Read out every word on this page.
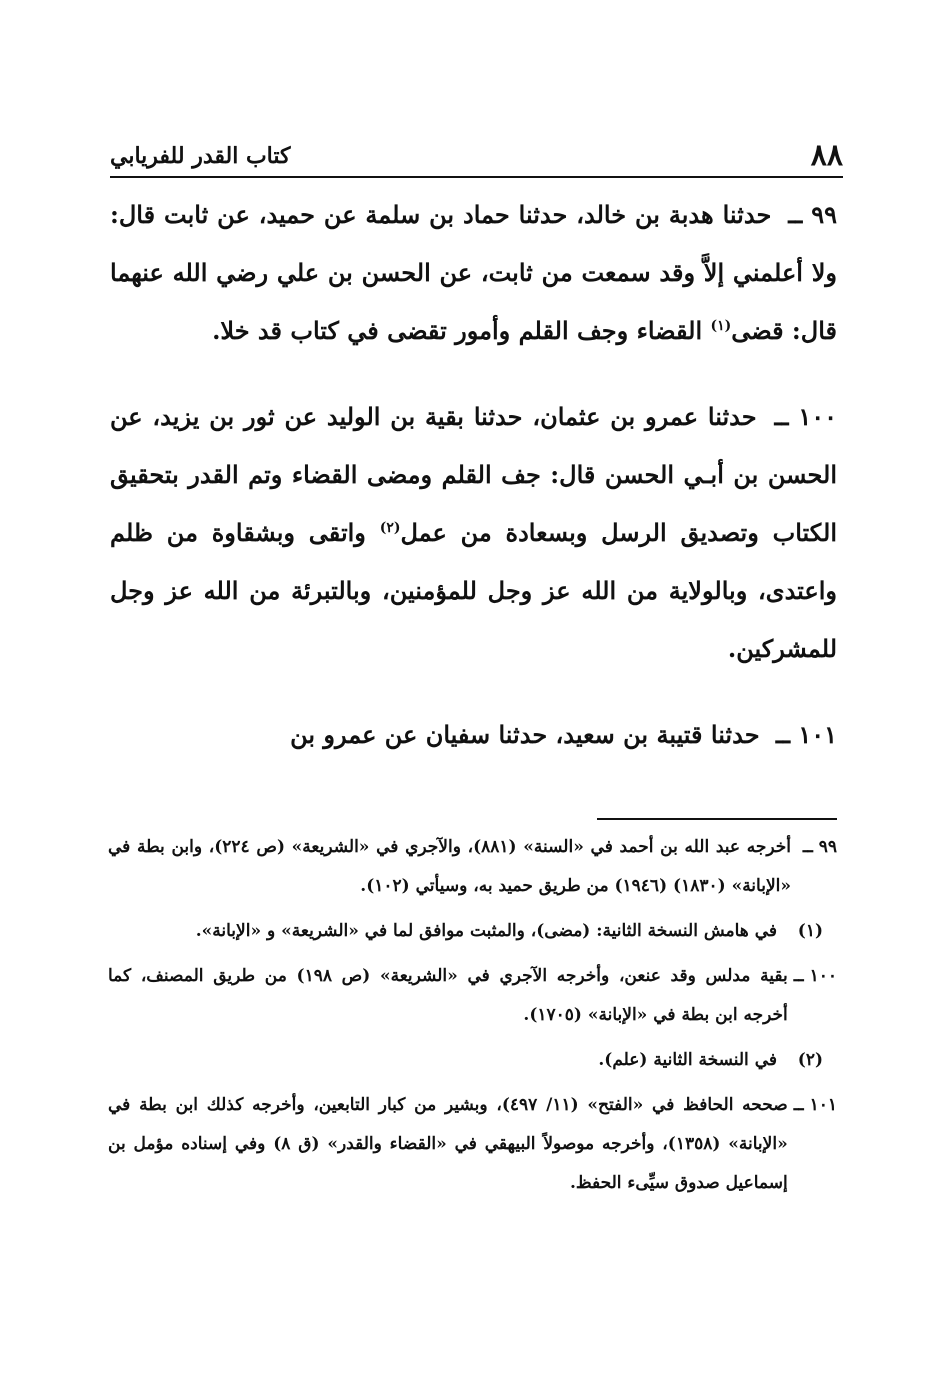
٨٨
كتاب القدر للفريابي

٩٩ ــ حدثنا هدبة بن خالد، حدثنا حماد بن سلمة عن حميد، عن ثابت قال: ولا أعلمني إلاَّ وقد سمعت من ثابت، عن الحسن بن علي رضي الله عنهما قال: قضى$^{(١)}$ القضاء وجف القلم وأمور تقضى في كتاب قد خلا.

١٠٠ ــ حدثنا عمرو بن عثمان، حدثنا بقية بن الوليد عن ثور بن يزيد، عن الحسن بن أبـي الحسن قال: جف القلم ومضى القضاء وتم القدر بتحقيق الكتاب وتصديق الرسل وبسعادة من عمل$^{(٢)}$ واتقى وبشقاوة من ظلم واعتدى، وبالولاية من الله عز وجل للمؤمنين، وبالتبرئة من الله عز وجل للمشركين.

١٠١ ــ حدثنا قتيبة بن سعيد، حدثنا سفيان عن عمرو بن

٩٩ ــ
أخرجه عبد الله بن أحمد في «السنة» (٨٨١)، والآجري في «الشريعة» (ص ٢٢٤)، وابن بطة في «الإبانة» (١٨٣٠) (١٩٤٦) من طريق حميد به، وسيأتي (١٠٢).
(١)
في هامش النسخة الثانية: (مضى)، والمثبت موافق لما في «الشريعة» و «الإبانة».
١٠٠ ــ
بقية مدلس وقد عنعن، وأخرجه الآجري في «الشريعة» (ص ١٩٨) من طريق المصنف، كما أخرجه ابن بطة في «الإبانة» (١٧٠٥).
(٢)
في النسخة الثانية (علم).
١٠١ ــ
صححه الحافظ في «الفتح» (١١/ ٤٩٧)، وبشير من كبار التابعين، وأخرجه كذلك ابن بطة في «الإبانة» (١٣٥٨)، وأخرجه موصولاً البيهقي في «القضاء والقدر» (ق ٨) وفي إسناده مؤمل بن إسماعيل صدوق سيِّىء الحفظ.
